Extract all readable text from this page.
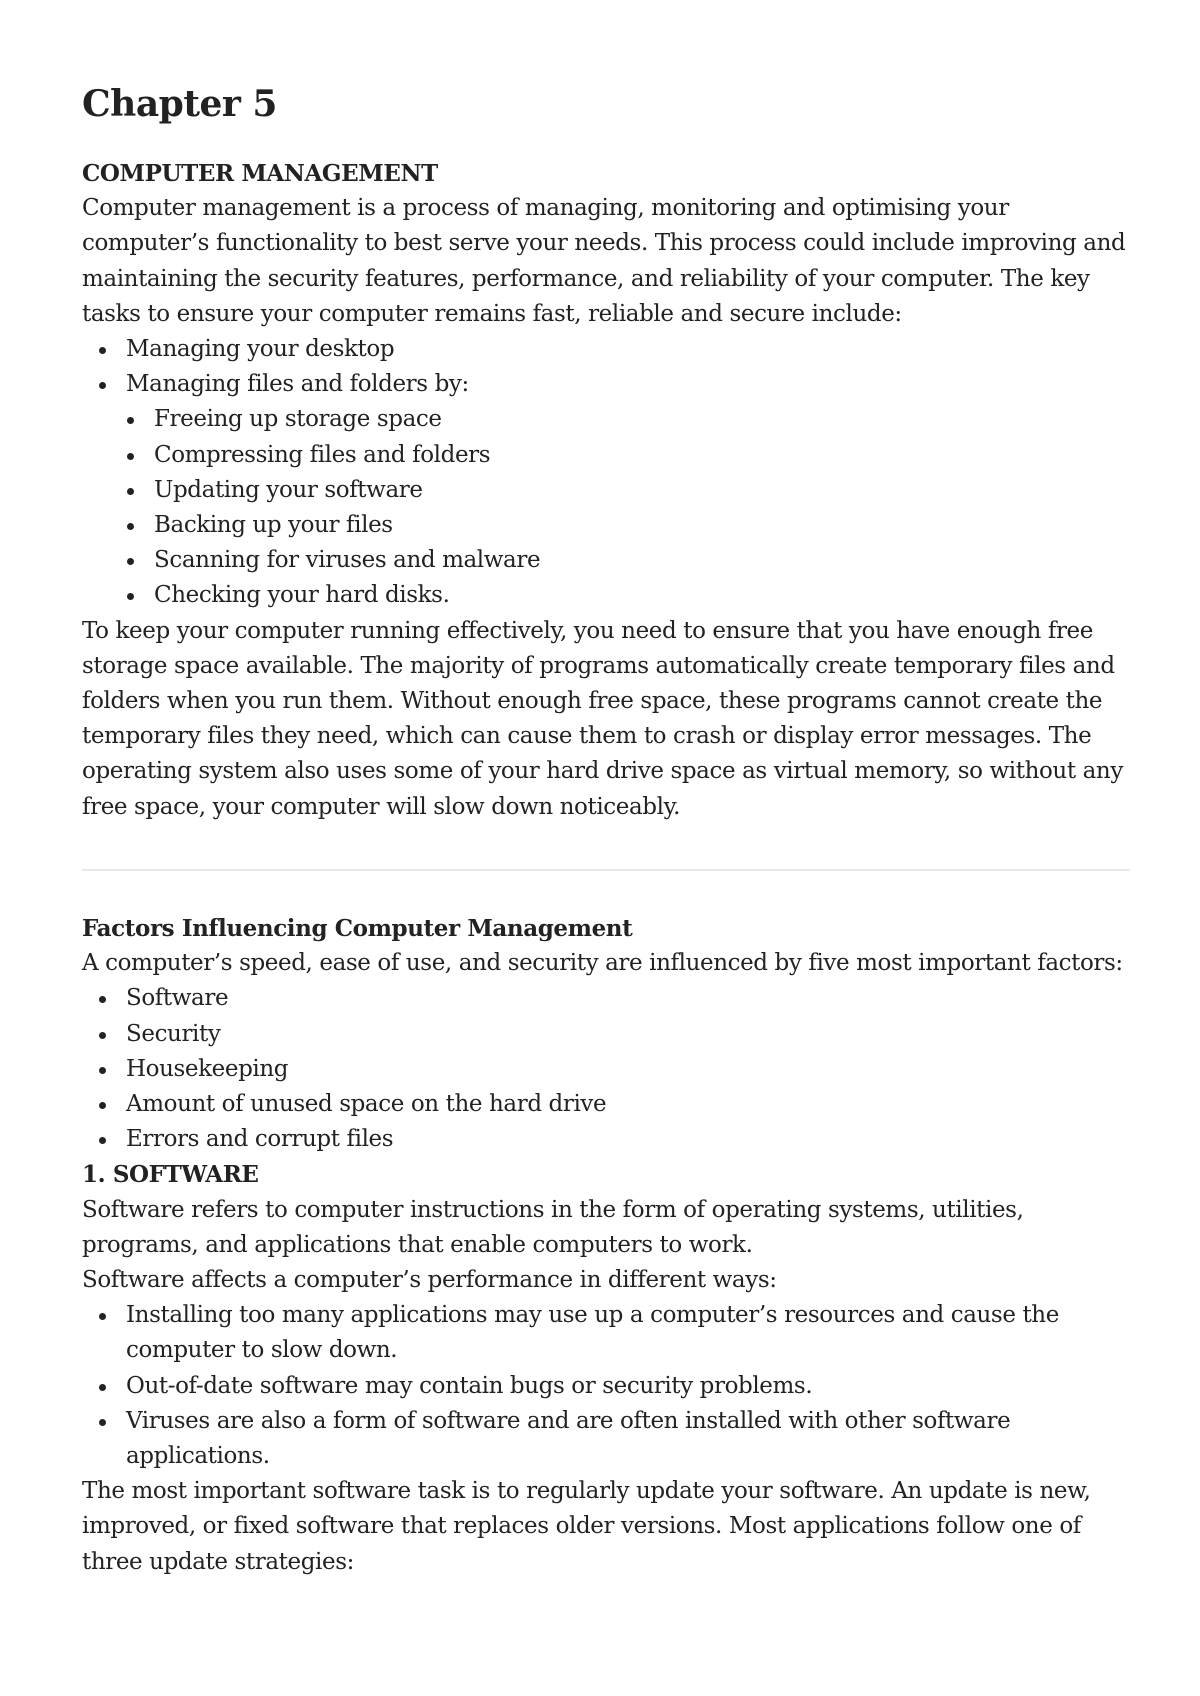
Chapter 5

COMPUTER MANAGEMENT

Computer management is a process of managing, monitoring and optimising your computer’s functionality to best serve your needs. This process could include improving and maintaining the security features, performance, and reliability of your computer. The key tasks to ensure your computer remains fast, reliable and secure include:

Managing your desktop
Managing files and folders by:
Freeing up storage space
Compressing files and folders
Updating your software
Backing up your files
Scanning for viruses and malware
Checking your hard disks.

To keep your computer running effectively, you need to ensure that you have enough free storage space available. The majority of programs automatically create temporary files and folders when you run them. Without enough free space, these programs cannot create the temporary files they need, which can cause them to crash or display error messages. The operating system also uses some of your hard drive space as virtual memory, so without any free space, your computer will slow down noticeably.

Factors Influencing Computer Management

A computer’s speed, ease of use, and security are influenced by five most important factors:

Software
Security
Housekeeping
Amount of unused space on the hard drive
Errors and corrupt files

1. SOFTWARE

Software refers to computer instructions in the form of operating systems, utilities, programs, and applications that enable computers to work.

Software affects a computer’s performance in different ways:

Installing too many applications may use up a computer’s resources and cause the computer to slow down.
Out-of-date software may contain bugs or security problems.
Viruses are also a form of software and are often installed with other software applications.

The most important software task is to regularly update your software. An update is new, improved, or fixed software that replaces older versions. Most applications follow one of three update strategies:
